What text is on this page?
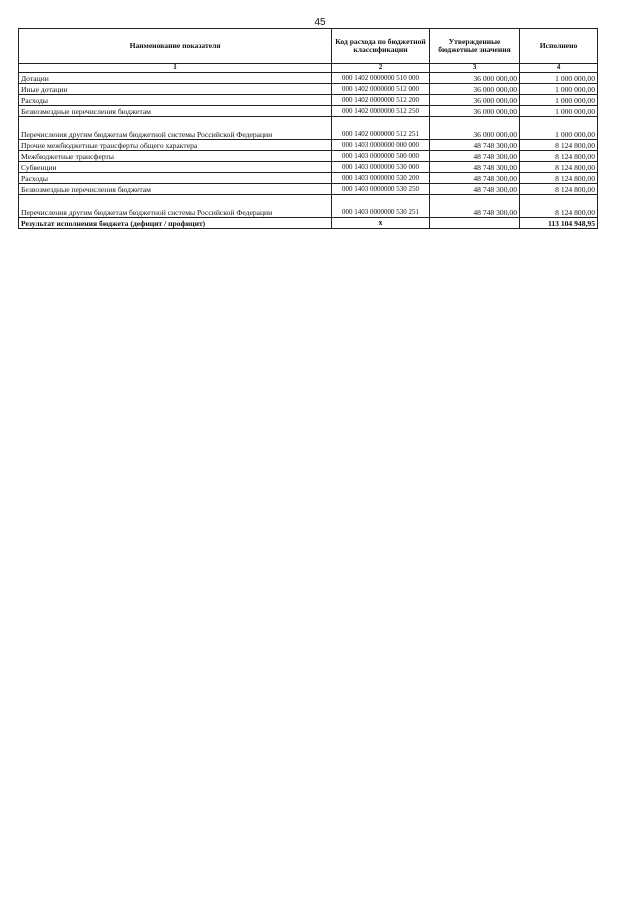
45
Наименование показателя	Код расхода по бюджетной классификации	Утвержденные бюджетные значения	Исполнено
1	2	3	4
Дотации	000 1402 0000000 510 000	36 000 000,00	1 000 000,00
Иные дотации	000 1402 0000000 512 000	36 000 000,00	1 000 000,00
Расходы	000 1402 0000000 512 200	36 000 000,00	1 000 000,00
Безвозмездные перечисления бюджетам	000 1402 0000000 512 250	36 000 000,00	1 000 000,00
Перечисления другим бюджетам бюджетной системы Российской Федерации	000 1402 0000000 512 251	36 000 000,00	1 000 000,00
Прочие межбюджетные трансферты общего характера	000 1403 0000000 000 000	48 748 300,00	8 124 800,00
Межбюджетные трансферты	000 1403 0000000 500 000	48 748 300,00	8 124 800,00
Субвенции	000 1403 0000000 530 000	48 748 300,00	8 124 800,00
Расходы	000 1403 0000000 530 200	48 748 300,00	8 124 800,00
Безвозмездные перечисления бюджетам	000 1403 0000000 530 250	48 748 300,00	8 124 800,00
Перечисления другим бюджетам бюджетной системы Российской Федерации	000 1403 0000000 530 251	48 748 300,00	8 124 800,00
Результат исполнения бюджета (дефицит / профицит)	x		113 104 948,95
